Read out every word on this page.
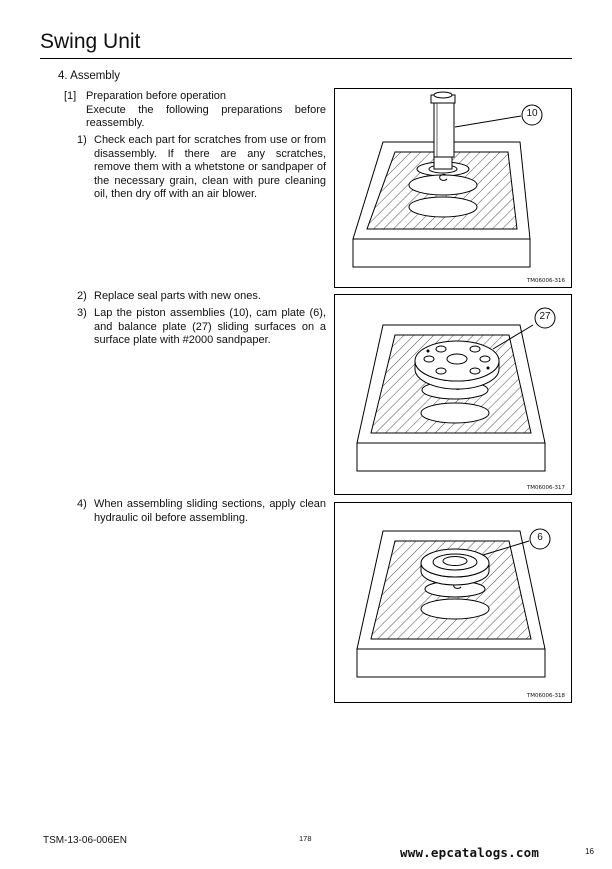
Swing Unit
4. Assembly
[1] Preparation before operation
Execute the following preparations before reassembly.
1) Check each part for scratches from use or from disassembly. If there are any scratches, remove them with a whetstone or sandpaper of the necessary grain, clean with pure cleaning oil, then dry off with an air blower.
2) Replace seal parts with new ones.
3) Lap the piston assemblies (10), cam plate (6), and balance plate (27) sliding surfaces on a surface plate with #2000 sandpaper.
4) When assembling sliding sections, apply clean hydraulic oil before assembling.
10
TM06006-316
27
TM06006-317
6
TM06006-318
TSM-13-06-006EN	178
www.epcatalogs.com	16
